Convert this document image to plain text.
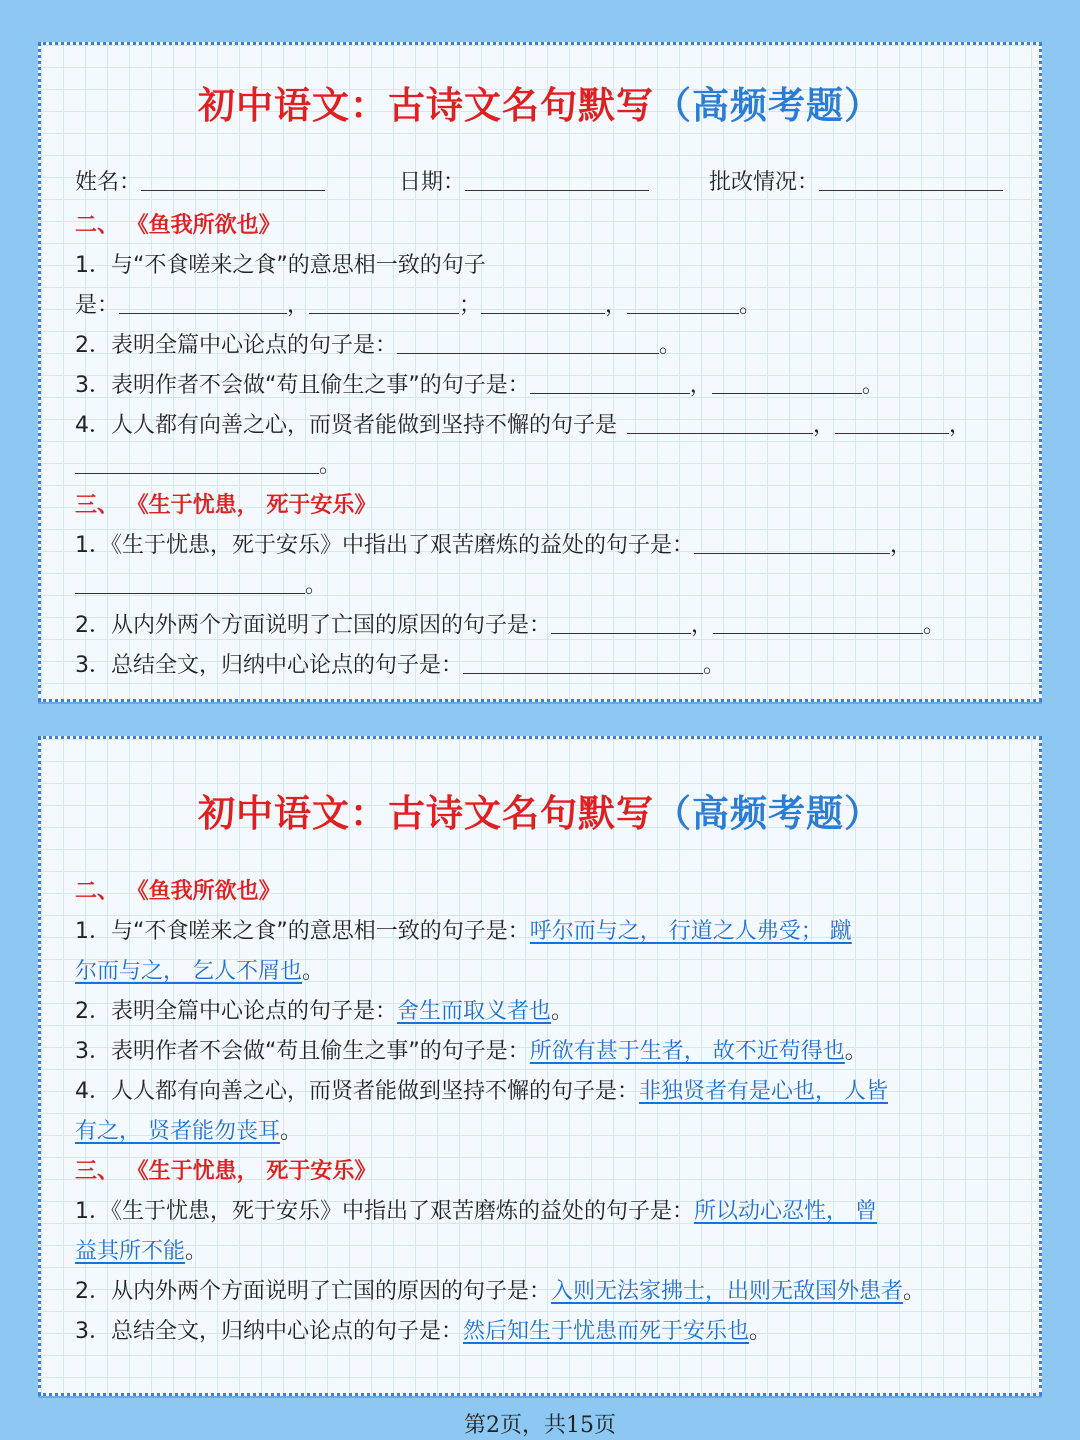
初中语文：古诗文名句默写（高频考题）
姓名：	日期：	批改情况：
二、 《鱼我所欲也》
1．与“不食嗟来之食”的意思相一致的句子
是：	，	；	，	。
2．表明全篇中心论点的句子是：	。
3．表明作者不会做“苟且偷生之事”的句子是：	，	。
4．人人都有向善之心，而贤者能做到坚持不懈的句子是	，	，
。
三、 《生于忧患， 死于安乐》
1．《生于忧患，死于安乐》中指出了艰苦磨炼的益处的句子是：	，
。
2．从内外两个方面说明了亡国的原因的句子是：	，	。
3．总结全文，归纳中心论点的句子是：	。
初中语文：古诗文名句默写（高频考题）
二、 《鱼我所欲也》
1．与“不食嗟来之食”的意思相一致的句子是：呼尔而与之， 行道之人弗受； 蹴
尔而与之， 乞人不屑也。
2．表明全篇中心论点的句子是：舍生而取义者也。
3．表明作者不会做“苟且偷生之事”的句子是：所欲有甚于生者， 故不近苟得也。
4．人人都有向善之心，而贤者能做到坚持不懈的句子是：非独贤者有是心也， 人皆
有之， 贤者能勿丧耳。
三、 《生于忧患， 死于安乐》
1．《生于忧患，死于安乐》中指出了艰苦磨炼的益处的句子是：所以动心忍性， 曾
益其所不能。
2．从内外两个方面说明了亡国的原因的句子是：入则无法家拂士，出则无敌国外患者。
3．总结全文，归纳中心论点的句子是：然后知生于忧患而死于安乐也。
第2页，共15页
